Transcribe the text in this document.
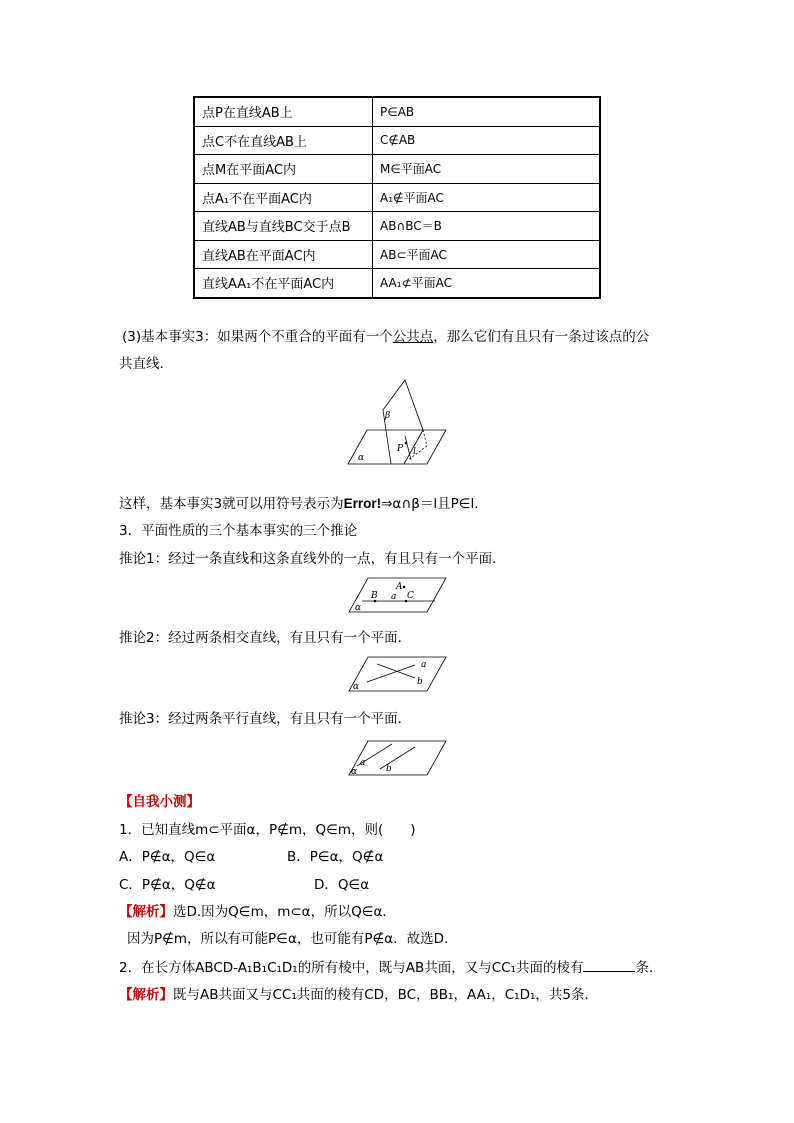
点P在直线AB上	P∈AB
点C不在直线AB上	C∉AB
点M在平面AC内	M∈平面AC
点A₁不在平面AC内	A₁∉平面AC
直线AB与直线BC交于点B	AB∩BC＝B
直线AB在平面AC内	AB⊂平面AC
直线AA₁不在平面AC内	AA₁⊄平面AC
(3)基本事实3：如果两个不重合的平面有一个公共点，那么它们有且只有一条过该点的公
共直线．
α
β
P l
这样，基本事实3就可以用符号表示为Error!⇒α∩β＝l且P∈l.
3．平面性质的三个基本事实的三个推论
推论1：经过一条直线和这条直线外的一点，有且只有一个平面．
A
B a C
α
推论2：经过两条相交直线，有且只有一个平面．
a
b
α
推论3：经过两条平行直线，有且只有一个平面．
a
b
α
【自我小测】
1．已知直线m⊂平面α，P∉m，Q∈m，则(　　)
A．P∉α，Q∈α	B．P∈α，Q∉α
C．P∉α，Q∉α	D．Q∈α
【解析】选D.因为Q∈m，m⊂α，所以Q∈α．
因为P∉m，所以有可能P∈α，也可能有P∉α．故选D.
2．在长方体ABCD-A₁B₁C₁D₁的所有棱中，既与AB共面，又与CC₁共面的棱有	条．
【解析】既与AB共面又与CC₁共面的棱有CD，BC，BB₁，AA₁，C₁D₁，共5条．
